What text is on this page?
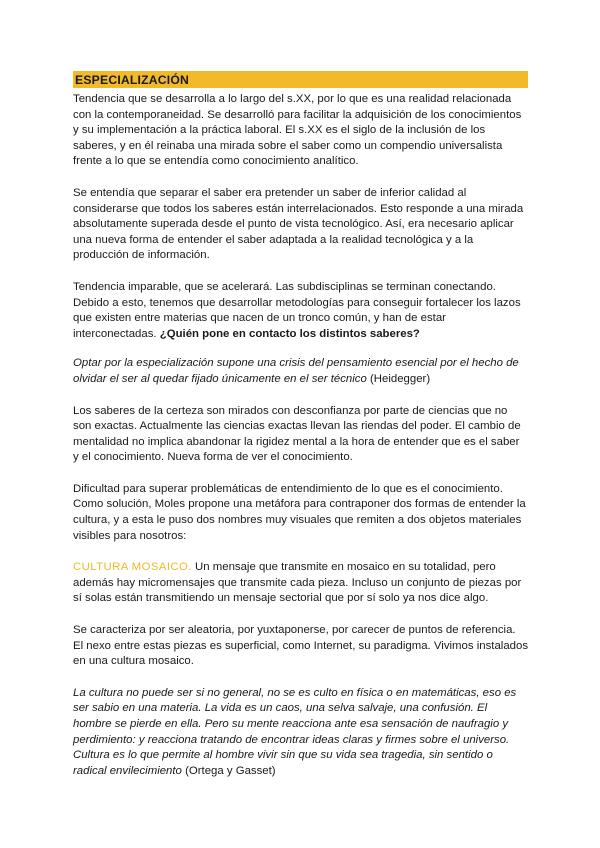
ESPECIALIZACIÓN

Tendencia que se desarrolla a lo largo del s.XX, por lo que es una realidad relacionada con la contemporaneidad. Se desarrolló para facilitar la adquisición de los conocimientos y su implementación a la práctica laboral. El s.XX es el siglo de la inclusión de los saberes, y en él reinaba una mirada sobre el saber como un compendio universalista frente a lo que se entendía como conocimiento analítico.

Se entendía que separar el saber era pretender un saber de inferior calidad al considerarse que todos los saberes están interrelacionados. Esto responde a una mirada absolutamente superada desde el punto de vista tecnológico. Así, era necesario aplicar una nueva forma de entender el saber adaptada a la realidad tecnológica y a la producción de información.

Tendencia imparable, que se acelerará. Las subdisciplinas se terminan conectando. Debido a esto, tenemos que desarrollar metodologías para conseguir fortalecer los lazos que existen entre materias que nacen de un tronco común, y han de estar interconectadas. ¿Quién pone en contacto los distintos saberes?

Optar por la especialización supone una crisis del pensamiento esencial por el hecho de olvidar el ser al quedar fijado únicamente en el ser técnico (Heidegger)

Los saberes de la certeza son mirados con desconfianza por parte de ciencias que no son exactas. Actualmente las ciencias exactas llevan las riendas del poder. El cambio de mentalidad no implica abandonar la rigidez mental a la hora de entender que es el saber y el conocimiento. Nueva forma de ver el conocimiento.

Dificultad para superar problemáticas de entendimiento de lo que es el conocimiento. Como solución, Moles propone una metáfora para contraponer dos formas de entender la cultura, y a esta le puso dos nombres muy visuales que remiten a dos objetos materiales visibles para nosotros:

CULTURA MOSAICO. Un mensaje que transmite en mosaico en su totalidad, pero además hay micromensajes que transmite cada pieza. Incluso un conjunto de piezas por sí solas están transmitiendo un mensaje sectorial que por sí solo ya nos dice algo.

Se caracteriza por ser aleatoria, por yuxtaponerse, por carecer de puntos de referencia. El nexo entre estas piezas es superficial, como Internet, su paradigma. Vivimos instalados en una cultura mosaico.

La cultura no puede ser si no general, no se es culto en física o en matemáticas, eso es ser sabio en una materia. La vida es un caos, una selva salvaje, una confusión. El hombre se pierde en ella. Pero su mente reacciona ante esa sensación de naufragio y perdimiento: y reacciona tratando de encontrar ideas claras y firmes sobre el universo. Cultura es lo que permite al hombre vivir sin que su vida sea tragedia, sin sentido o radical envilecimiento (Ortega y Gasset)
